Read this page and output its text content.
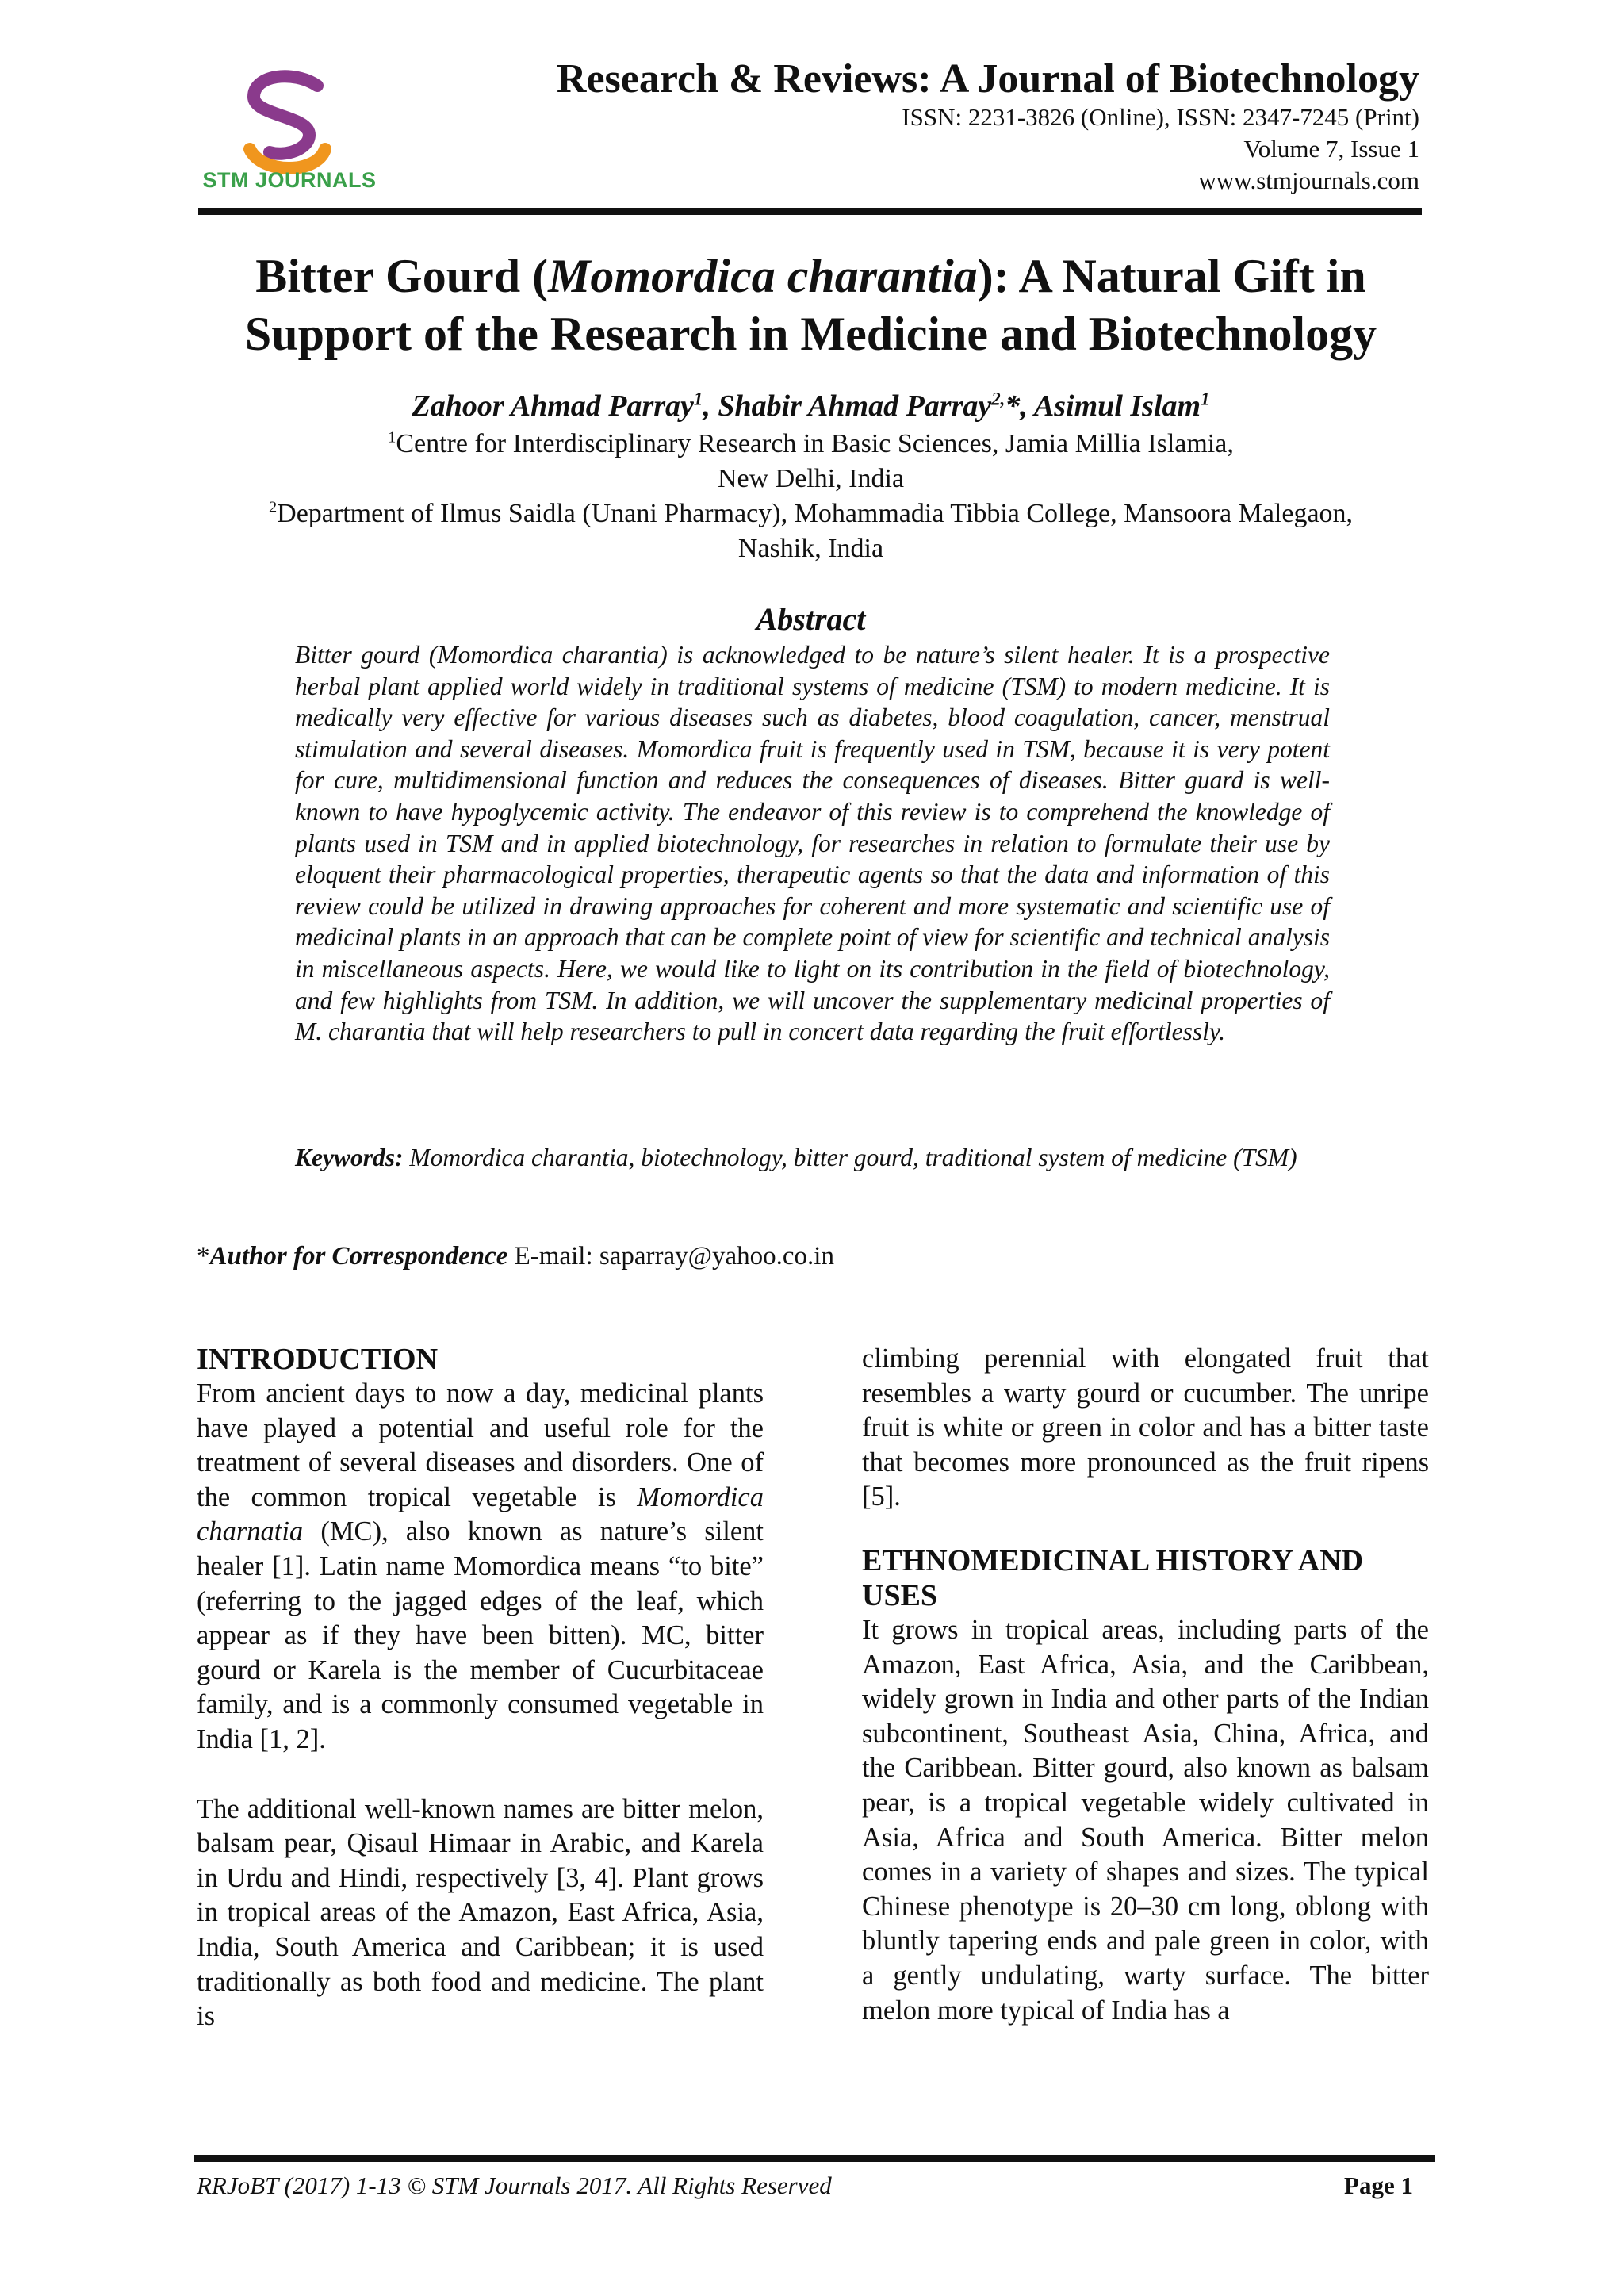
STM JOURNALS
Research & Reviews: A Journal of Biotechnology
ISSN: 2231-3826 (Online), ISSN: 2347-7245 (Print)
Volume 7, Issue 1
www.stmjournals.com
Bitter Gourd (Momordica charantia): A Natural Gift in
Support of the Research in Medicine and Biotechnology
Zahoor Ahmad Parray$^1$, Shabir Ahmad Parray$^{2,}$*, Asimul Islam$^1$
$^1$Centre for Interdisciplinary Research in Basic Sciences, Jamia Millia Islamia,
New Delhi, India
$^2$Department of Ilmus Saidla (Unani Pharmacy), Mohammadia Tibbia College, Mansoora Malegaon,
Nashik, India
Abstract
Bitter gourd (Momordica charantia) is acknowledged to be nature’s silent healer. It is a prospective herbal plant applied world widely in traditional systems of medicine (TSM) to modern medicine. It is medically very effective for various diseases such as diabetes, blood coagulation, cancer, menstrual stimulation and several diseases. Momordica fruit is frequently used in TSM, because it is very potent for cure, multidimensional function and reduces the consequences of diseases. Bitter guard is well-known to have hypoglycemic activity. The endeavor of this review is to comprehend the knowledge of plants used in TSM and in applied biotechnology, for researches in relation to formulate their use by eloquent their pharmacological properties, therapeutic agents so that the data and information of this review could be utilized in drawing approaches for coherent and more systematic and scientific use of medicinal plants in an approach that can be complete point of view for scientific and technical analysis in miscellaneous aspects. Here, we would like to light on its contribution in the field of biotechnology, and few highlights from TSM. In addition, we will uncover the supplementary medicinal properties of M. charantia that will help researchers to pull in concert data regarding the fruit effortlessly.
Keywords: Momordica charantia, biotechnology, bitter gourd, traditional system of medicine (TSM)
*Author for Correspondence E-mail: saparray@yahoo.co.in
INTRODUCTION

From ancient days to now a day, medicinal plants have played a potential and useful role for the treatment of several diseases and disorders. One of the common tropical vegetable is Momordica charnatia (MC), also known as nature’s silent healer [1]. Latin name Momordica means “to bite” (referring to the jagged edges of the leaf, which appear as if they have been bitten). MC, bitter gourd or Karela is the member of Cucurbitaceae family, and is a commonly consumed vegetable in India [1, 2].

The additional well-known names are bitter melon, balsam pear, Qisaul Himaar in Arabic, and Karela in Urdu and Hindi, respectively [3, 4]. Plant grows in tropical areas of the Amazon, East Africa, Asia, India, South America and Caribbean; it is used traditionally as both food and medicine. The plant is

climbing perennial with elongated fruit that resembles a warty gourd or cucumber. The unripe fruit is white or green in color and has a bitter taste that becomes more pronounced as the fruit ripens [5].

ETHNOMEDICINAL HISTORY AND USES

It grows in tropical areas, including parts of the Amazon, East Africa, Asia, and the Caribbean, widely grown in India and other parts of the Indian subcontinent, Southeast Asia, China, Africa, and the Caribbean. Bitter gourd, also known as balsam pear, is a tropical vegetable widely cultivated in Asia, Africa and South America. Bitter melon comes in a variety of shapes and sizes. The typical Chinese phenotype is 20–30 cm long, oblong with bluntly tapering ends and pale green in color, with a gently undulating, warty surface. The bitter melon more typical of India has a

RRJoBT (2017) 1-13 © STM Journals 2017. All Rights Reserved	Page 1
